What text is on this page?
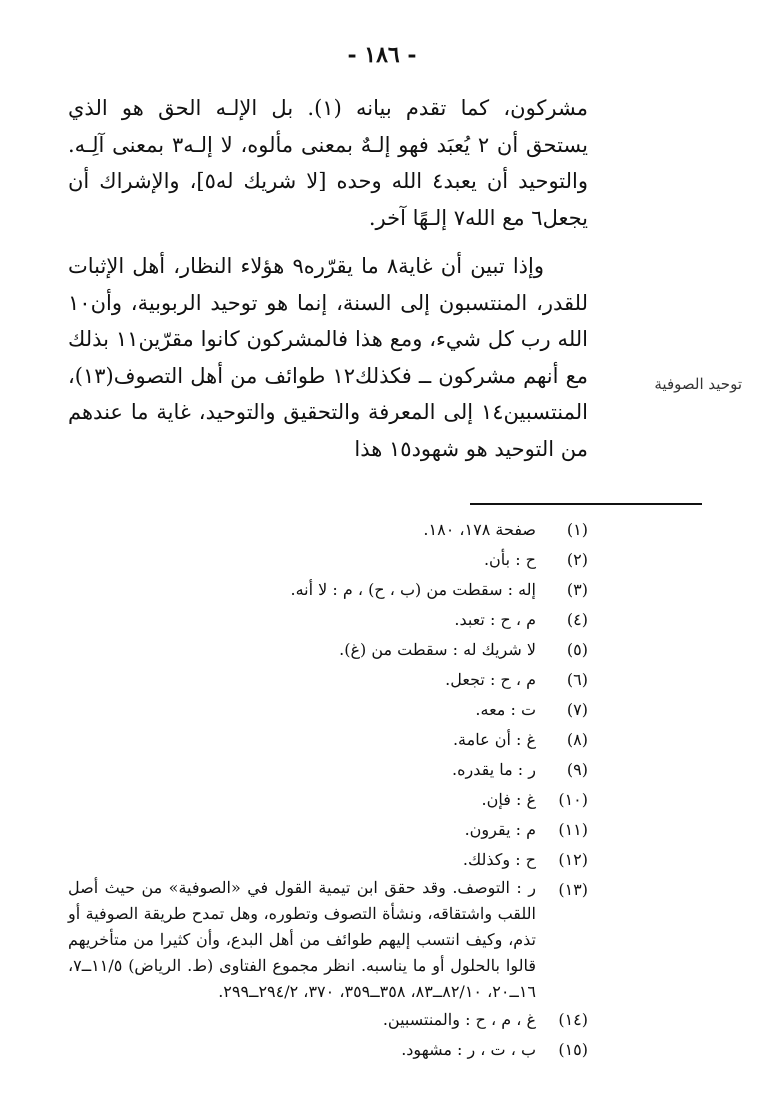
- ١٨٦ -

مشركون، كما تقدم بيانه (١). بل الإلـه الحق هو الذي يستحق أن ٢ يُعبَد فهو إلـهٌ بمعنى مألوه، لا إلـه٣ بمعنى آلِـه. والتوحيد أن يعبد٤ الله وحده [لا شريك له٥]، والإشراك أن يجعل٦ مع الله٧ إلـهًا آخر.

وإذا تبين أن غاية٨ ما يقرّره٩ هؤلاء النظار، أهل الإثبات للقدر، المنتسبون إلى السنة، إنما هو توحيد الربوبية، وأن١٠ الله رب كل شيء، ومع هذا فالمشركون كانوا مقرّين١١ بذلك مع أنهم مشركون ــ فكذلك١٢ طوائف من أهل التصوف(١٣)، المنتسبين١٤ إلى المعرفة والتحقيق والتوحيد، غاية ما عندهم من التوحيد هو شهود١٥ هذا

توحيد الصوفية
(١)
صفحة ١٧٨، ١٨٠.
(٢)
ح : بأن.
(٣)
إله : سقطت من (ب ، ح) ، م : لا أنه.
(٤)
م ، ح : تعبد.
(٥)
لا شريك له : سقطت من (غ).
(٦)
م ، ح : تجعل.
(٧)
ت : معه.
(٨)
غ : أن عامة.
(٩)
ر : ما يقدره.
(١٠)
غ : فإن.
(١١)
م : يقرون.
(١٢)
ح : وكذلك.
(١٣)
ر : التوصف. وقد حقق ابن تيمية القول في «الصوفية» من حيث أصل اللقب واشتقاقه، ونشأة التصوف وتطوره، وهل تمدح طريقة الصوفية أو تذم، وكيف انتسب إليهم طوائف من أهل البدع، وأن كثيرا من متأخريهم قالوا بالحلول أو ما يناسبه. انظر مجموع الفتاوى (ط. الرياض) ١١/٥ــ٧، ١٦ــ٢٠، ٨٢/١٠ــ٨٣، ٣٥٨ــ٣٥٩، ٣٧٠، ٢٩٤/٢ــ٢٩٩.
(١٤)
غ ، م ، ح : والمنتسبين.
(١٥)
ب ، ت ، ر : مشهود.
